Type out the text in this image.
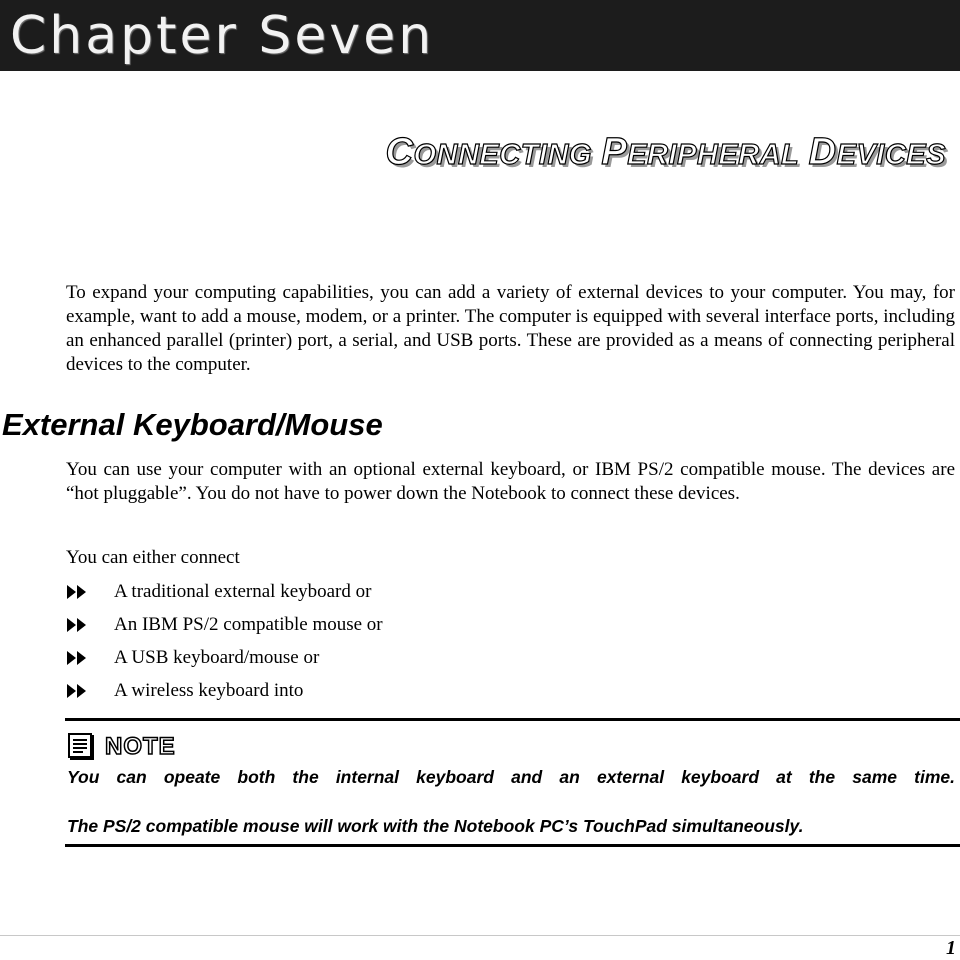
Chapter Seven
CONNECTING PERIPHERAL DEVICES

To expand your computing capabilities, you can add a variety of external devices to your computer. You may, for example, want to add a mouse, modem, or a printer. The computer is equipped with several interface ports, including an enhanced parallel (printer) port, a serial, and USB ports. These are provided as a means of connecting peripheral devices to the computer.

External Keyboard/Mouse

You can use your computer with an optional external keyboard, or IBM PS/2 compatible mouse. The devices are “hot pluggable”. You do not have to power down the Notebook to connect these devices.

You can either connect

A traditional external keyboard or
An IBM PS/2 compatible mouse or
A USB keyboard/mouse or
A wireless keyboard into
NOTE

You can opeate both the internal keyboard and an external keyboard at the same time.

The PS/2 compatible mouse will work with the Notebook PC’s TouchPad simultaneously.

1
